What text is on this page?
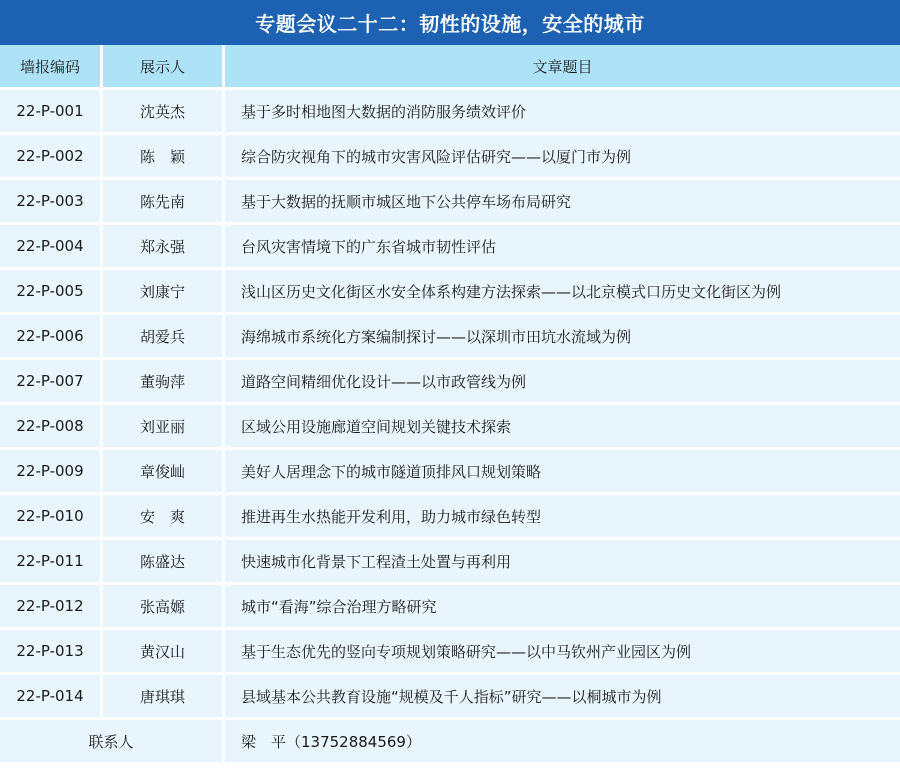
专题会议二十二：韧性的设施，安全的城市
墙报编码	展示人	文章题目
22-P-001	沈英杰	基于多时相地图大数据的消防服务绩效评价
22-P-002	陈　颖	综合防灾视角下的城市灾害风险评估研究——以厦门市为例
22-P-003	陈先南	基于大数据的抚顺市城区地下公共停车场布局研究
22-P-004	郑永强	台风灾害情境下的广东省城市韧性评估
22-P-005	刘康宁	浅山区历史文化街区水安全体系构建方法探索——以北京模式口历史文化街区为例
22-P-006	胡爱兵	海绵城市系统化方案编制探讨——以深圳市田坑水流域为例
22-P-007	董驹萍	道路空间精细优化设计——以市政管线为例
22-P-008	刘亚丽	区域公用设施廊道空间规划关键技术探索
22-P-009	章俊屾	美好人居理念下的城市隧道顶排风口规划策略
22-P-010	安　爽	推进再生水热能开发利用，助力城市绿色转型
22-P-011	陈盛达	快速城市化背景下工程渣土处置与再利用
22-P-012	张高嫄	城市“看海”综合治理方略研究
22-P-013	黄汉山	基于生态优先的竖向专项规划策略研究——以中马钦州产业园区为例
22-P-014	唐琪琪	县域基本公共教育设施“规模及千人指标”研究——以桐城市为例
联系人	梁　平（13752884569）
